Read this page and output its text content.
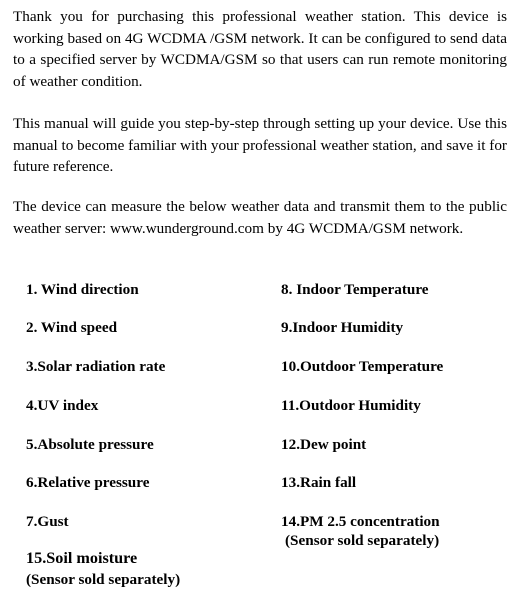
Thank you for purchasing this professional weather station. This device is working based on 4G WCDMA /GSM network. It can be configured to send data to a specified server by WCDMA/GSM so that users can run remote monitoring of weather condition.

This manual will guide you step-by-step through setting up your device. Use this manual to become familiar with your professional weather station, and save it for future reference.

The device can measure the below weather data and transmit them to the public weather server: www.wunderground.com by 4G WCDMA/GSM network.

1. Wind direction
2. Wind speed
3.Solar radiation rate
4.UV index
5.Absolute pressure
6.Relative pressure
7.Gust
8. Indoor Temperature
9.Indoor Humidity
10.Outdoor Temperature
11.Outdoor Humidity
12.Dew point
13.Rain fall
14.PM 2.5 concentration
(Sensor sold separately)
15.Soil moisture
(Sensor sold separately)
